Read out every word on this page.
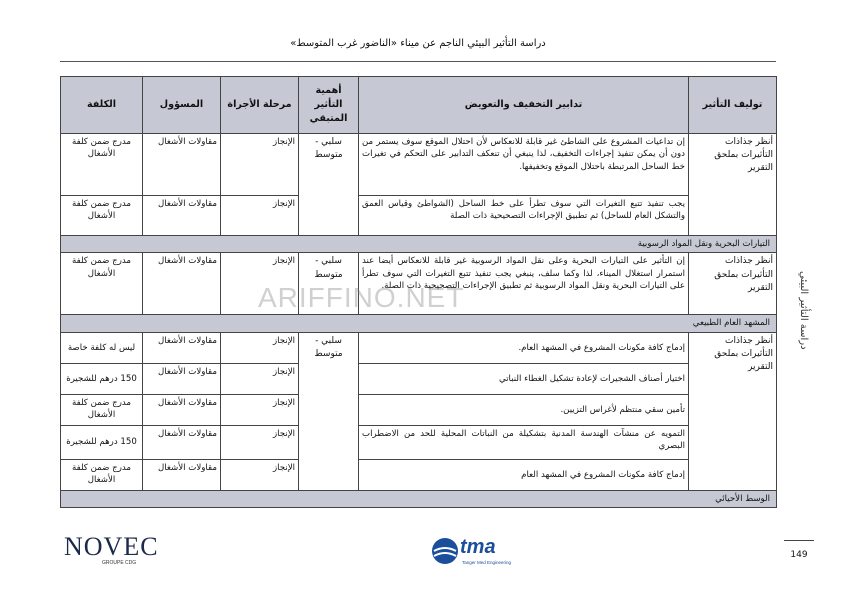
دراسة التأثير البيئي الناجم عن ميناء «الناضور غرب المتوسط»
دراسة التأثير البيئي
توليف التأثير	تدابير التخفيف والتعويض	أهمية التأثير المتبقي	مرحلة الأجراة	المسؤول	الكلفة
أنظر جذاذات التأثيرات بملحق التقرير	إن تداعيات المشروع على الشاطئ غير قابلة للانعكاس لأن احتلال الموقع سوف يستمر من دون أن يمكن تنفيذ إجراءات التخفيف، لذا ينبغي أن تنعكف التدابير على التحكم في تغيرات خط الساحل المرتبطة باحتلال الموقع وتخفيفها.	سلبي - متوسط	الإنجاز	مقاولات الأشغال	مدرج ضمن كلفة الأشغال
	يجب تنفيذ تتبع التغيرات التي سوف تطرأ على خط الساحل (الشواطئ وقياس العمق والتشكل العام للساحل) ثم تطبيق الإجراءات التصحيحية ذات الصلة		الإنجاز	مقاولات الأشغال	مدرج ضمن كلفة الأشغال
التيارات البحرية ونقل المواد الرسوبية					
أنظر جذاذات التأثيرات بملحق التقرير	إن التأثير على التيارات البحرية وعلى نقل المواد الرسوبية غير قابلة للانعكاس أيضا عند استمرار استغلال الميناء، لذا وكما سلف، ينبغي يجب تنفيذ تتبع التغيرات التي سوف تطرأ على التيارات البحرية ونقل المواد الرسوبية ثم تطبيق الإجراءات التصحيحية ذات الصلة.	سلبي - متوسط	الإنجاز	مقاولات الأشغال	مدرج ضمن كلفة الأشغال
المشهد العام الطبيعي					
أنظر جذاذات التأثيرات بملحق التقرير	إدماج كافة مكونات المشروع في المشهد العام.	سلبي - متوسط	الإنجاز	مقاولات الأشغال	ليس له كلفة خاصة
	اختيار أصناف الشجيرات لإعادة تشكيل الغطاء النباتي		الإنجاز	مقاولات الأشغال	150 درهم للشجيرة
	تأمين سقي منتظم لأغراس التزيين.		الإنجاز	مقاولات الأشغال	مدرج ضمن كلفة الأشغال
	التمويه عن منشآت الهندسة المدنية بتشكيلة من النباتات المحلية للحد من الاضطراب البصري		الإنجاز	مقاولات الأشغال	150 درهم للشجيرة
	إدماج كافة مكونات المشروع في المشهد العام		الإنجاز	مقاولات الأشغال	مدرج ضمن كلفة الأشغال
الوسط الأحيائي					
ARIFFINO.NET
NOVEC
GROUPE CDG
tma
Tanger Med Engineering
149
